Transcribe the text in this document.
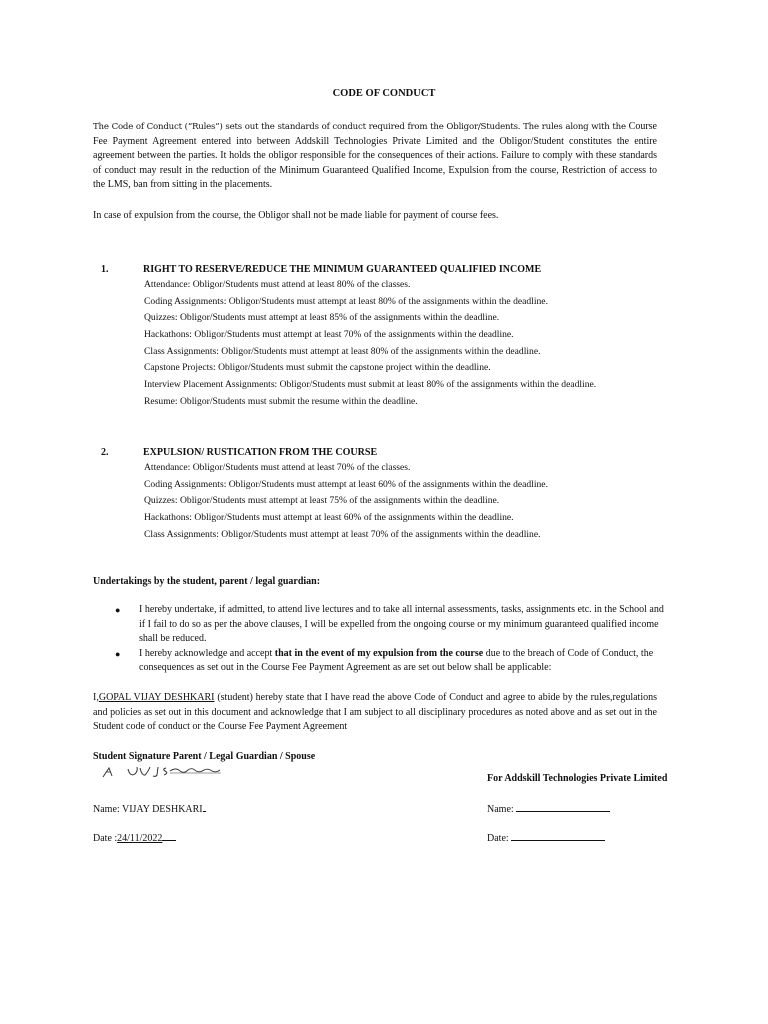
CODE OF CONDUCT
The Code of Conduct (“Rules”) sets out the standards of conduct required from the Obligor/Students. The rules along with the Course Fee Payment Agreement entered into between Addskill Technologies Private Limited and the Obligor/Student constitutes the entire agreement between the parties. It holds the obligor responsible for the consequences of their actions. Failure to comply with these standards of conduct may result in the reduction of the Minimum Guaranteed Qualified Income, Expulsion from the course, Restriction of access to the LMS, ban from sitting in the placements.
In case of expulsion from the course, the Obligor shall not be made liable for payment of course fees.
1.	RIGHT TO RESERVE/REDUCE THE MINIMUM GUARANTEED QUALIFIED INCOME
Attendance: Obligor/Students must attend at least 80% of the classes.
Coding Assignments: Obligor/Students must attempt at least 80% of the assignments within the deadline.
Quizzes: Obligor/Students must attempt at least 85% of the assignments within the deadline.
Hackathons: Obligor/Students must attempt at least 70% of the assignments within the deadline.
Class Assignments: Obligor/Students must attempt at least 80% of the assignments within the deadline.
Capstone Projects: Obligor/Students must submit the capstone project within the deadline.
Interview Placement Assignments: Obligor/Students must submit at least 80% of the assignments within the deadline.
Resume: Obligor/Students must submit the resume within the deadline.
2.	EXPULSION/ RUSTICATION FROM THE COURSE
Attendance: Obligor/Students must attend at least 70% of the classes.
Coding Assignments: Obligor/Students must attempt at least 60% of the assignments within the deadline.
Quizzes: Obligor/Students must attempt at least 75% of the assignments within the deadline.
Hackathons: Obligor/Students must attempt at least 60% of the assignments within the deadline.
Class Assignments: Obligor/Students must attempt at least 70% of the assignments within the deadline.
Undertakings by the student, parent / legal guardian:
● I hereby undertake, if admitted, to attend live lectures and to take all internal assessments, tasks, assignments etc. in the School and if I fail to do so as per the above clauses, I will be expelled from the ongoing course or my minimum guaranteed qualified income shall be reduced.
● I hereby acknowledge and accept that in the event of my expulsion from the course due to the breach of Code of Conduct, the consequences as set out in the Course Fee Payment Agreement as are set out below shall be applicable:
I,GOPAL VIJAY DESHKARI (student) hereby state that I have read the above Code of Conduct and agree to abide by the rules,regulations and policies as set out in this document and acknowledge that I am subject to all disciplinary procedures as noted above and as set out in the Student code of conduct or the Course Fee Payment Agreement
Student Signature Parent / Legal Guardian / Spouse
For Addskill Technologies Private Limited
Name: VIJAY DESHKARI	Name:
Date :24/11/2022	Date:
